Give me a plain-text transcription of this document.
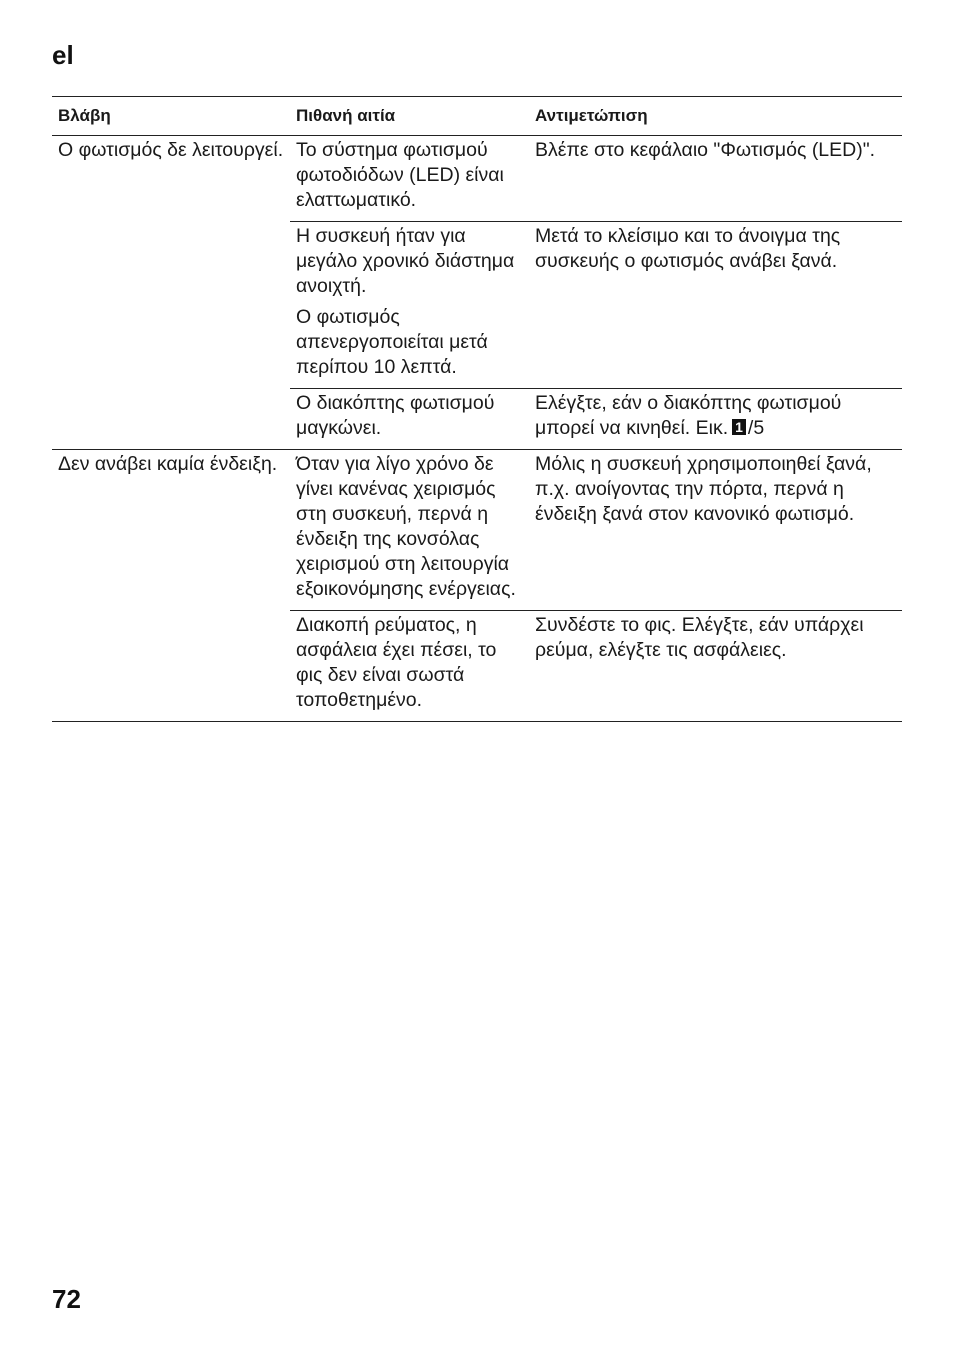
el
Βλάβη	Πιθανή αιτία	Αντιμετώπιση
Ο φωτισμός δε λειτουργεί. Το σύστημα φωτισμού φωτοδιόδων (LED) είναι ελαττωματικό.

Βλέπε στο κεφάλαιο "Φωτισμός (LED)".

Η συσκευή ήταν για μεγάλο χρονικό διάστημα ανοιχτή.

Ο φωτισμός απενεργοποιείται μετά περίπου 10 λεπτά.

Μετά το κλείσιμο και το άνοιγμα της συσκευής ο φωτισμός ανάβει ξανά.

Ο διακόπτης φωτισμού μαγκώνει.

Ελέγξτε, εάν ο διακόπτης φωτισμού μπορεί να κινηθεί. Εικ. 1 /5

Δεν ανάβει καμία ένδειξη. Όταν για λίγο χρόνο δε γίνει κανένας χειρισμός στη συσκευή, περνά η ένδειξη της κονσόλας χειρισμού στη λειτουργία εξοικονόμησης ενέργειας.

Μόλις η συσκευή χρησιμοποιηθεί ξανά, π.χ. ανοίγοντας την πόρτα, περνά η ένδειξη ξανά στον κανονικό φωτισμό.

Διακοπή ρεύματος, η ασφάλεια έχει πέσει, το φις δεν είναι σωστά τοποθετημένο.

Συνδέστε το φις. Ελέγξτε, εάν υπάρχει ρεύμα, ελέγξτε τις ασφάλειες.

72
